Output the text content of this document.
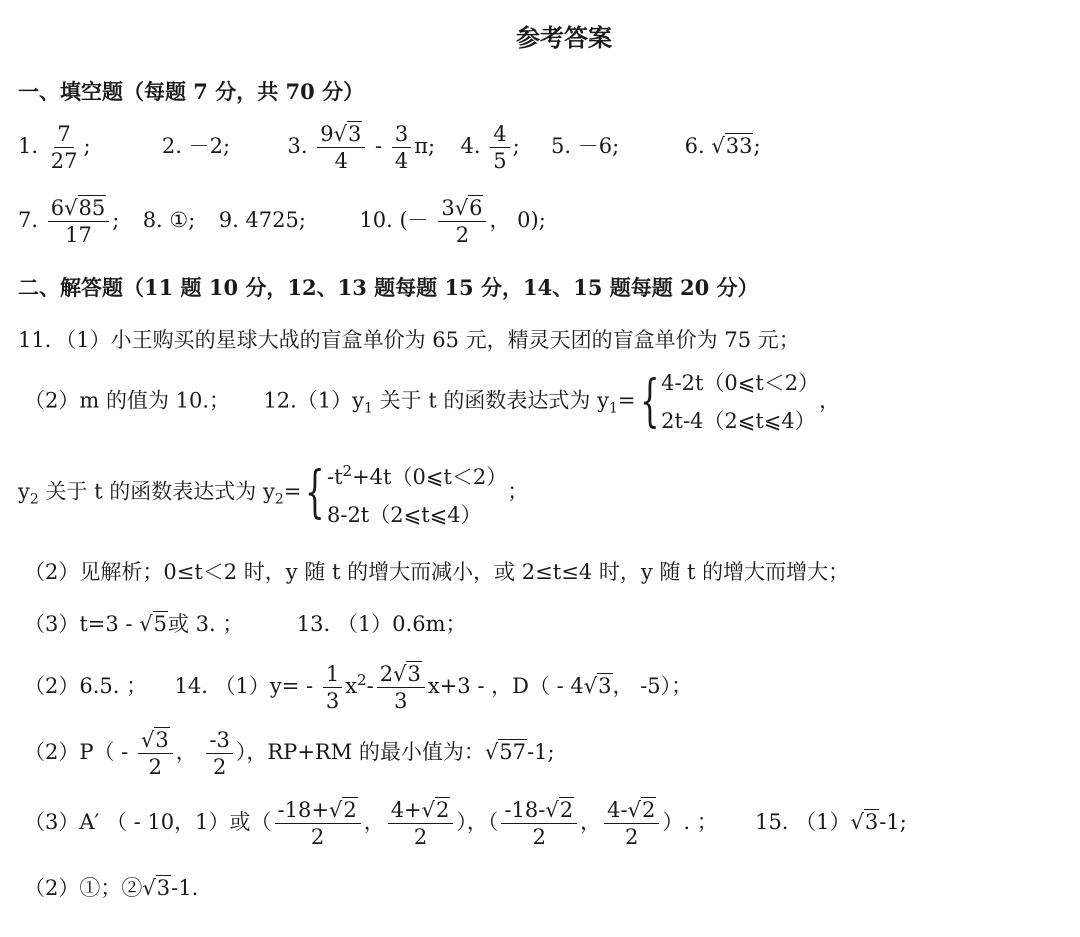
参考答案
一、填空题（每题 7 分，共 70 分）
1. $\frac{7}{27}$ ;	2. －2;	3. $\frac{9√3}{4} - \frac{3}{4} \pi$; 4. $\frac{4}{5}$ ; 5. －6;	6. √33;
7. $\frac{6√85}{17}$ ; 8. ①; 9. 4725;	10. (－ $\frac{3√6}{2}$ ， 0);
二、解答题（11 题 10 分，12、13 题每题 15 分，14、15 题每题 20 分）
11．（1）小王购买的星球大战的盲盒单价为 65 元，精灵天团的盲盒单价为 75 元；
（2）m 的值为 10.； $12.(1)y_1$ 关于 t 的函数表达式为 $y_1=${ 4-2t（0⩽t＜2）
2t-4（2⩽t⩽4）
，
$y_2$ 关于 t 的函数表达式为 $y_2=${ $-t^2+4t(0⩽t<2)$
8-2t（2⩽t⩽4）
；
（2）见解析；0≤t＜2 时，y 随 t 的增大而减小，或 2≤t≤4 时，y 随 t 的增大而增大；
（3）t=3 - √5或 3. ；	13. （1）0.6m；
（2）6.5. ； 14. $(1)y= - \frac{1}{3} x^2- \frac{2√3}{3} x+3$ - ，D（ - 4√3， -5）；
$(2)P( - \frac{√3}{2}$ ， $\frac{-3}{2}$ ），RP+RM 的最小值为：√57-1;
（3）A′ （ - 10，1）或（ $\frac{-18+√2}{2}$ ， $\frac{4+√2}{2}$ ），（ $\frac{-18-√2}{2}$ ， $\frac{4-√2}{2}$ ）. ； 15. （1）√3-1;
（2）①；②√3-1.
